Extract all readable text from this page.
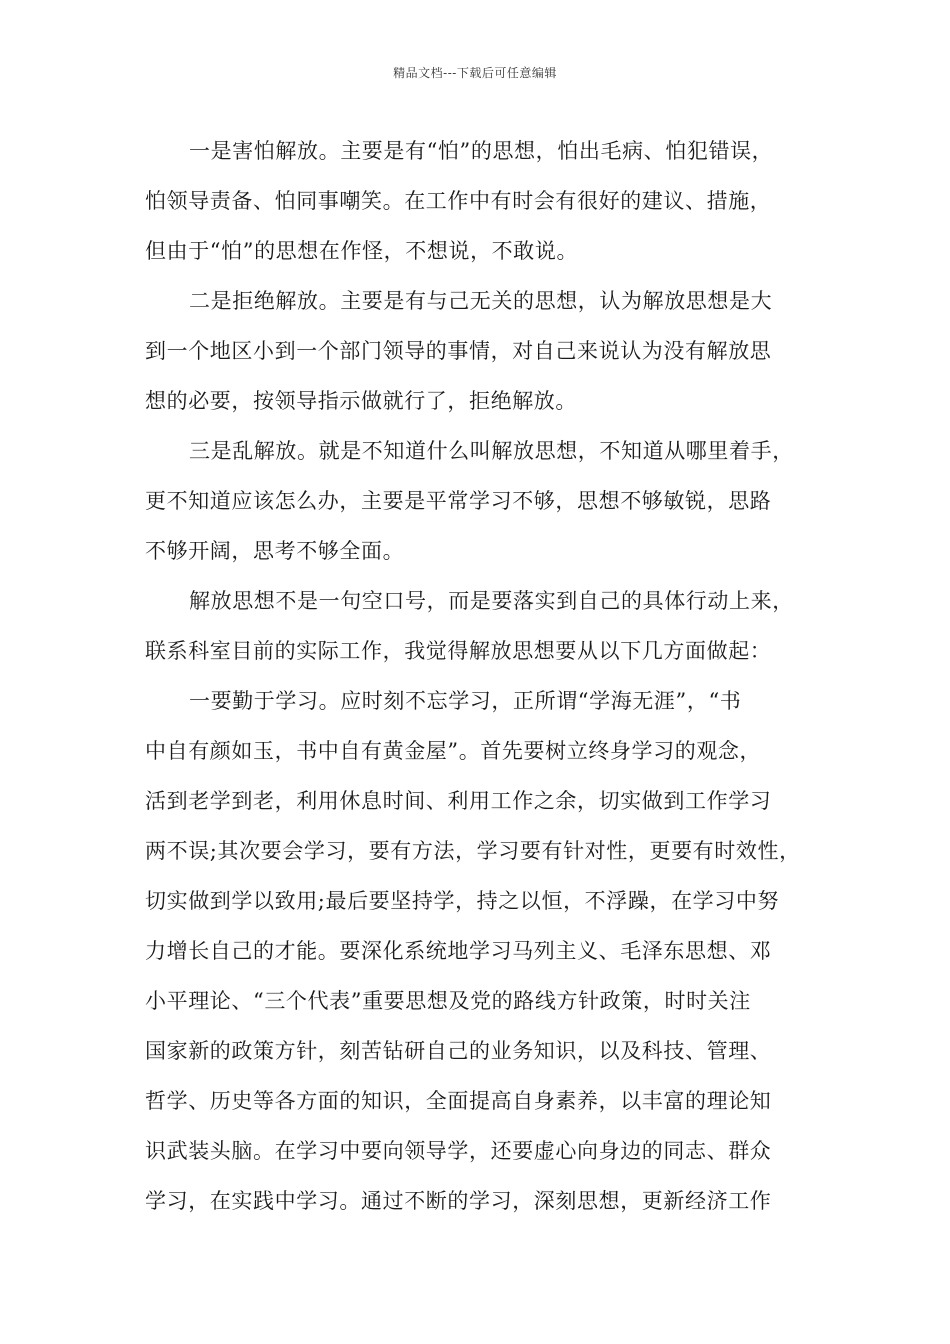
精品文档---下载后可任意编辑
一是害怕解放。主要是有“怕”的思想，怕出毛病、怕犯错误，
怕领导责备、怕同事嘲笑。在工作中有时会有很好的建议、措施，
但由于“怕”的思想在作怪，不想说，不敢说。
二是拒绝解放。主要是有与己无关的思想，认为解放思想是大
到一个地区小到一个部门领导的事情，对自己来说认为没有解放思
想的必要，按领导指示做就行了，拒绝解放。
三是乱解放。就是不知道什么叫解放思想，不知道从哪里着手，
更不知道应该怎么办，主要是平常学习不够，思想不够敏锐，思路
不够开阔，思考不够全面。
解放思想不是一句空口号，而是要落实到自己的具体行动上来，
联系科室目前的实际工作，我觉得解放思想要从以下几方面做起：
一要勤于学习。应时刻不忘学习，正所谓“学海无涯”，“书
中自有颜如玉，书中自有黄金屋”。首先要树立终身学习的观念，
活到老学到老，利用休息时间、利用工作之余，切实做到工作学习
两不误;其次要会学习，要有方法，学习要有针对性，更要有时效性，
切实做到学以致用;最后要坚持学，持之以恒，不浮躁，在学习中努
力增长自己的才能。要深化系统地学习马列主义、毛泽东思想、邓
小平理论、“三个代表”重要思想及党的路线方针政策，时时关注
国家新的政策方针，刻苦钻研自己的业务知识，以及科技、管理、
哲学、历史等各方面的知识，全面提高自身素养，以丰富的理论知
识武装头脑。在学习中要向领导学，还要虚心向身边的同志、群众
学习，在实践中学习。通过不断的学习，深刻思想，更新经济工作
